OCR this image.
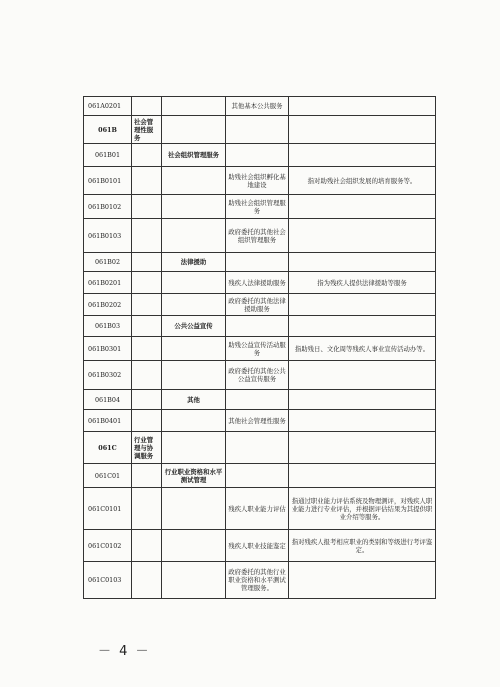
061A0201			其他基本公共服务	
061B	社会管理性服务			
061B01		社会组织管理服务		
061B0101			助残社会组织孵化基地建设	指对助残社会组织发展的培育服务等。
061B0102			助残社会组织管理服务	
061B0103			政府委托的其他社会组织管理服务	
061B02		法律援助		
061B0201			残疾人法律援助服务	指为残疾人提供法律援助等服务
061B0202			政府委托的其他法律援助服务	
061B03		公共公益宣传		
061B0301			助残公益宣传活动服务	指助残日、文化周等残疾人事业宣传活动办等。
061B0302			政府委托的其他公共公益宣传服务	
061B04		其他		
061B0401			其他社会管理性服务	
061C	行业管理与协调服务			
061C01		行业职业资格和水平测试管理		
061C0101			残疾人职业能力评估	指通过职业能力评估系统及物理测评，对残疾人职业能力进行专业评估，并根据评估结果为其提供职业介绍等服务。
061C0102			残疾人职业技能鉴定	指对残疾人报考相应职业的类别和等级进行考评鉴定。
061C0103			政府委托的其他行业职业资格和水平测试管理服务。	
－ 4 －
